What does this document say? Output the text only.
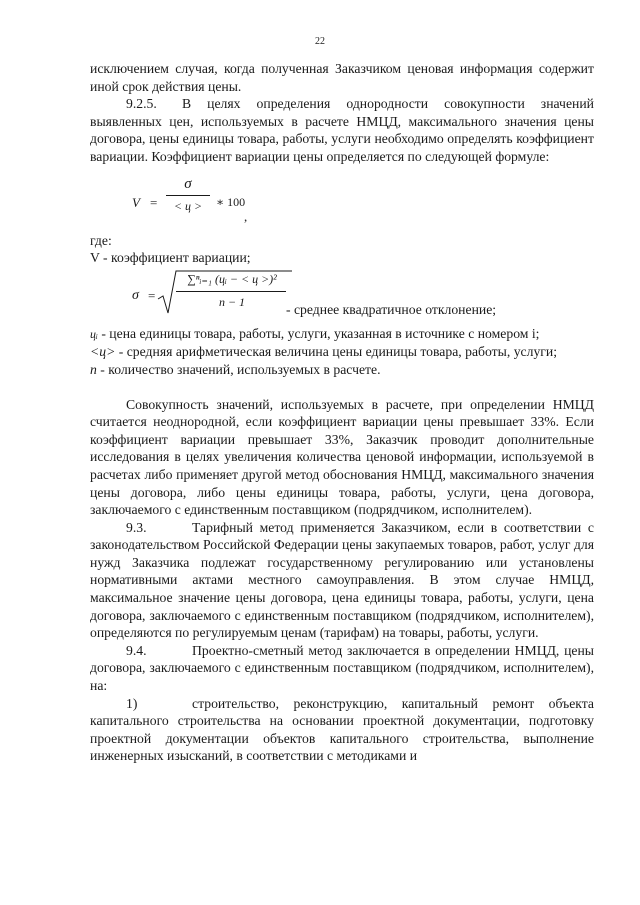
22

исключением случая, когда полученная Заказчиком ценовая информация содержит иной срок действия цены.

9.2.5. В целях определения однородности совокупности значений выявленных цен, используемых в расчете НМЦД, максимального значения цены договора, цены единицы товара, работы, услуги необходимо определять коэффициент вариации. Коэффициент вариации цены определяется по следующей формуле:

V =
σ
< ц >	∗ 100
,

где:

V - коэффициент вариации;

σ =
∑ⁿᵢ₌₁ (цᵢ − < ц >)²
n − 1	- среднее квадратичное отклонение;

цᵢ - цена единицы товара, работы, услуги, указанная в источнике с номером i;

<ц> - средняя арифметическая величина цены единицы товара, работы, услуги;

n - количество значений, используемых в расчете.

Совокупность значений, используемых в расчете, при определении НМЦД считается неоднородной, если коэффициент вариации цены превышает 33%. Если коэффициент вариации превышает 33%, Заказчик проводит дополнительные исследования в целях увеличения количества ценовой информации, используемой в расчетах либо применяет другой метод обоснования НМЦД, максимального значения цены договора, либо цены единицы товара, работы, услуги, цена договора, заключаемого с единственным поставщиком (подрядчиком, исполнителем).

9.3.	Тарифный метод применяется Заказчиком, если в соответствии с законодательством Российской Федерации цены закупаемых товаров, работ, услуг для нужд Заказчика подлежат государственному регулированию или установлены нормативными актами местного самоуправления. В этом случае НМЦД, максимальное значение цены договора, цена единицы товара, работы, услуги, цена договора, заключаемого с единственным поставщиком (подрядчиком, исполнителем), определяются по регулируемым ценам (тарифам) на товары, работы, услуги.

9.4.	Проектно-сметный метод заключается в определении НМЦД, цены договора, заключаемого с единственным поставщиком (подрядчиком, исполнителем), на:

1)	строительство, реконструкцию, капитальный ремонт объекта капитального строительства на основании проектной документации, подготовку проектной документации объектов капитального строительства, выполнение инженерных изысканий, в соответствии с методиками и
